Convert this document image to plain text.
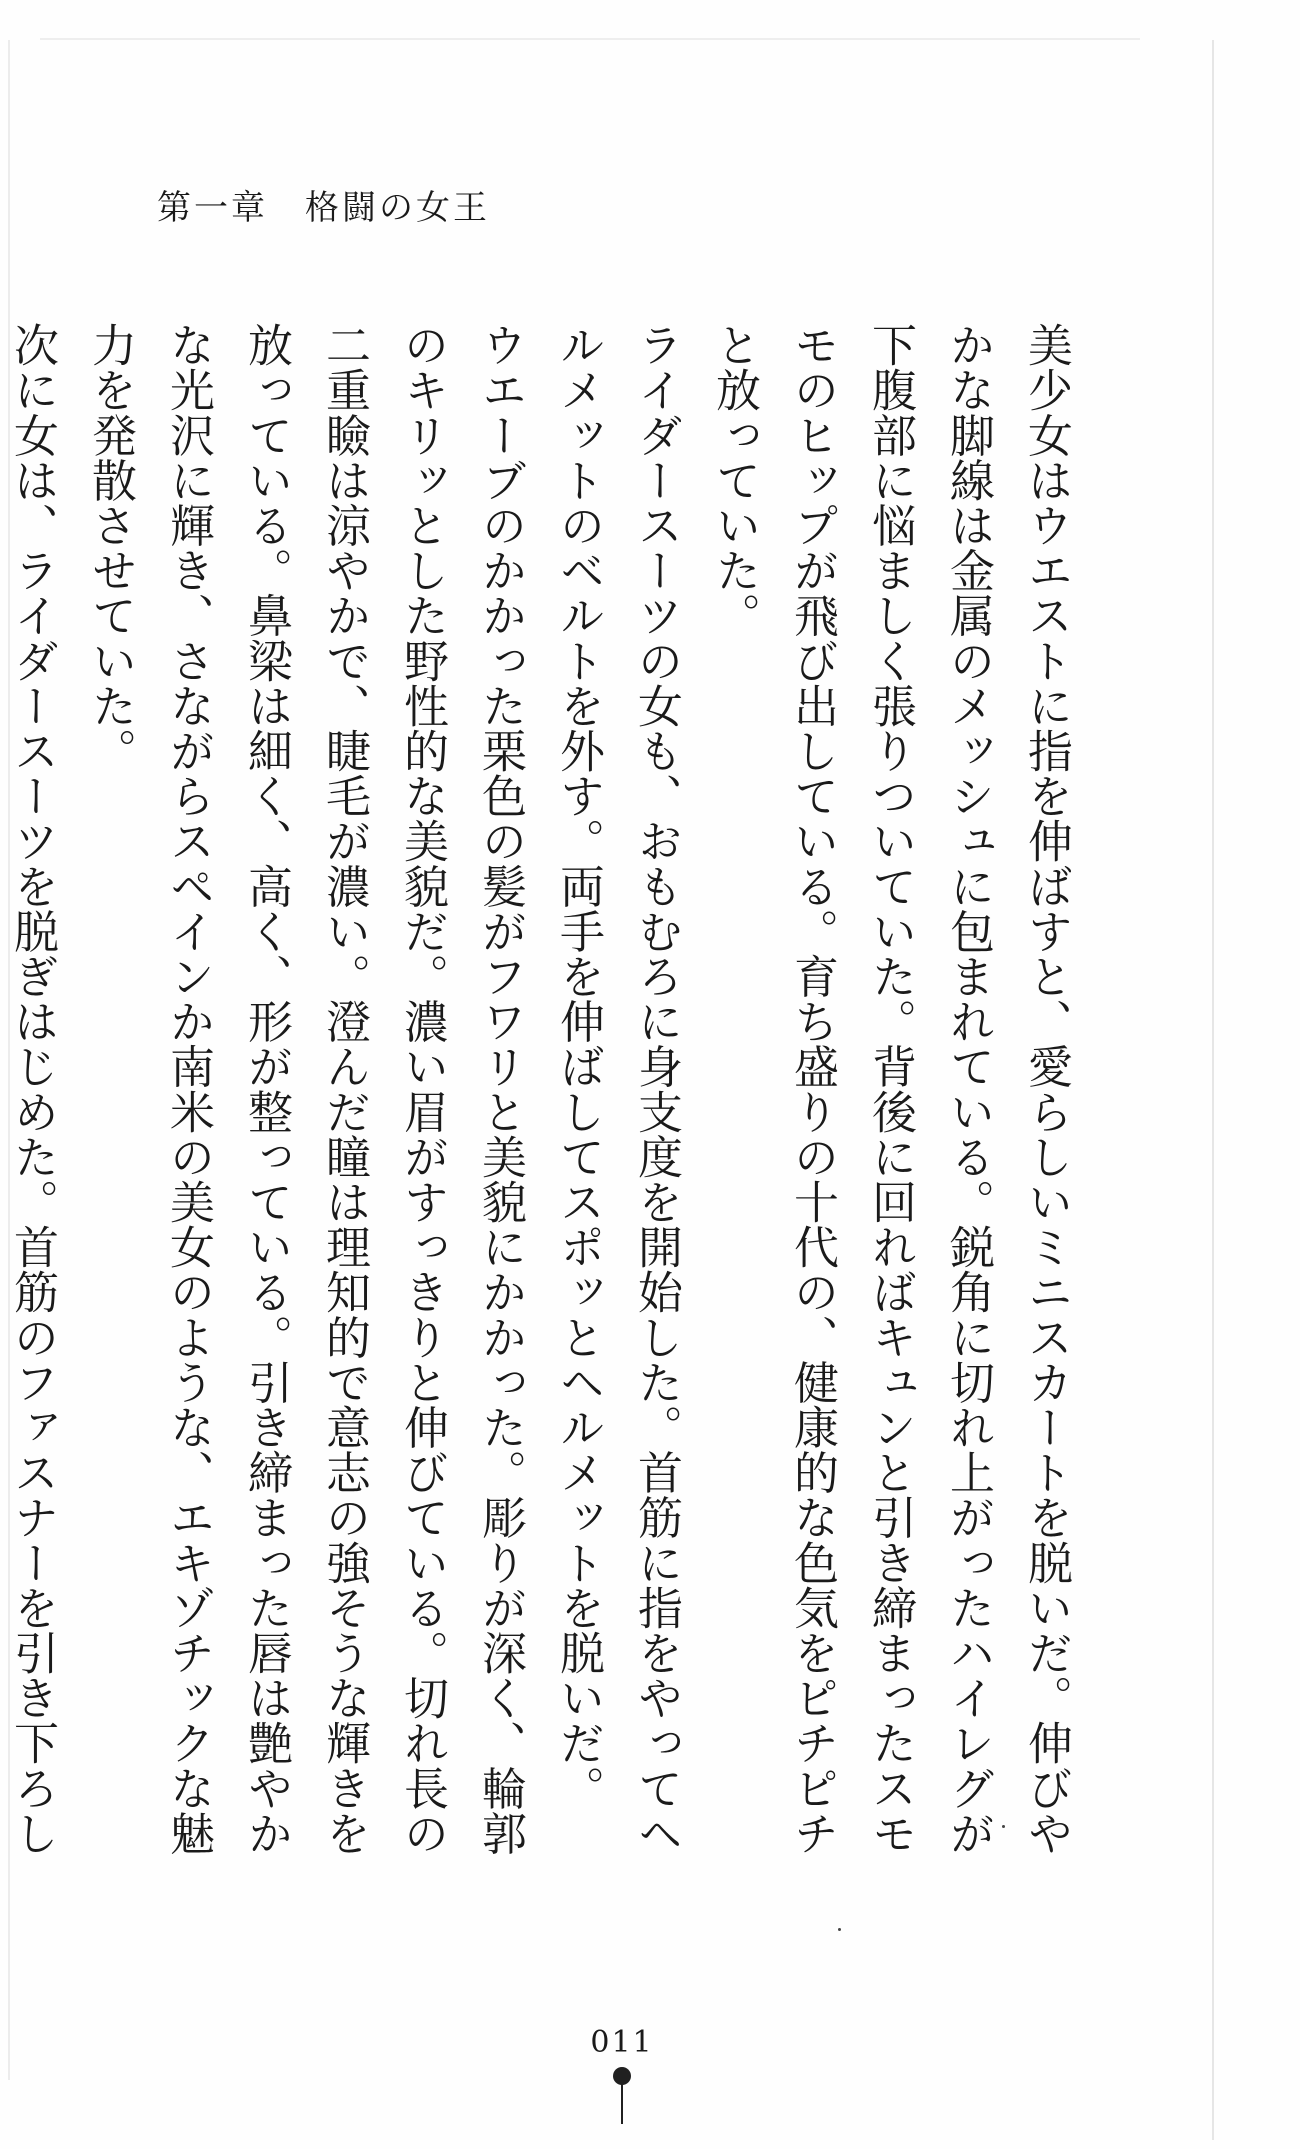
第一章　格闘の女王

美少女はウエストに指を伸ばすと、愛らしいミニスカートを脱いだ。伸びやかな脚線は金属のメッシュに包まれている。鋭角に切れ上がったハイレグが下腹部に悩ましく張りついていた。背後に回ればキュンと引き締まったスモモのヒップが飛び出している。育ち盛りの十代の、健康的な色気をピチピチと放っていた。

ライダースーツの女も、おもむろに身支度を開始した。首筋に指をやってヘルメットのベルトを外す。両手を伸ばしてスポッとヘルメットを脱いだ。

ウエーブのかかった栗色の髪がフワリと美貌にかかった。彫りが深く、輪郭のキリッとした野性的な美貌だ。濃い眉がすっきりと伸びている。切れ長の二重瞼は涼やかで、睫毛が濃い。澄んだ瞳は理知的で意志の強そうな輝きを放っている。鼻梁は細く、高く、形が整っている。引き締まった唇は艶やかな光沢に輝き、さながらスペインか南米の美女のような、エキゾチックな魅力を発散させていた。

次に女は、ライダースーツを脱ぎはじめた。首筋のファスナーを引き下ろし

011
